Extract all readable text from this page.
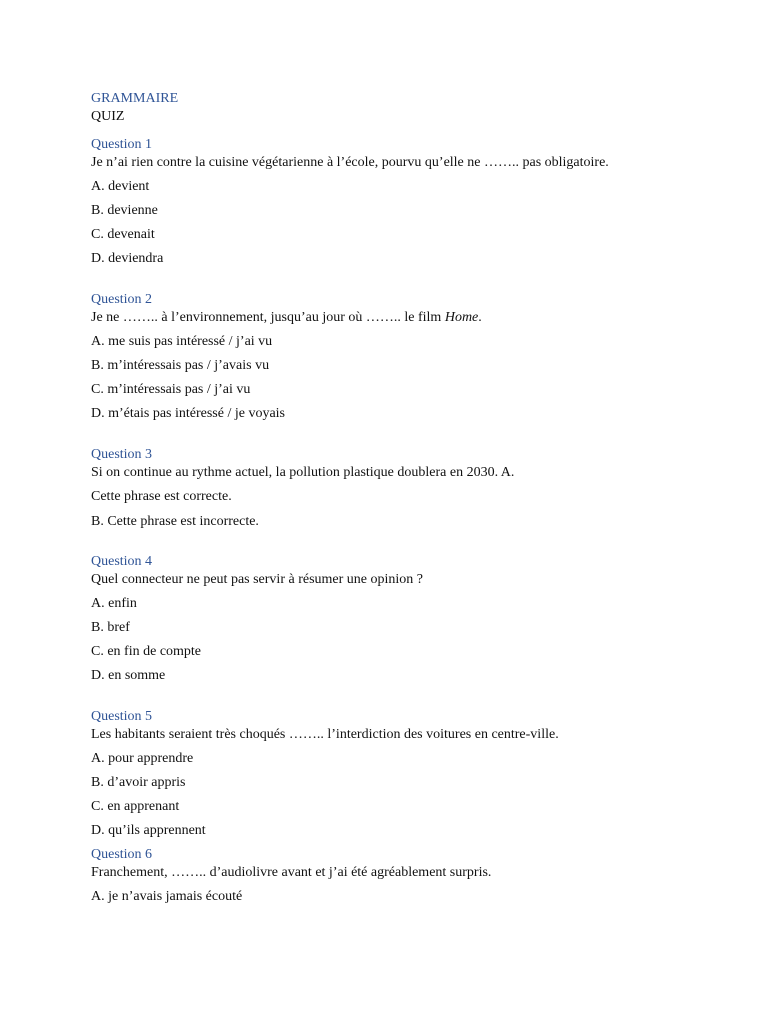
GRAMMAIRE
QUIZ
Question 1
Je n’ai rien contre la cuisine végétarienne à l’école, pourvu qu’elle ne …….. pas obligatoire.
A. devient
B. devienne
C. devenait
D. deviendra
Question 2
Je ne …….. à l’environnement, jusqu’au jour où …….. le film Home.
A. me suis pas intéressé / j’ai vu
B. m’intéressais pas / j’avais vu
C. m’intéressais pas / j’ai vu
D. m’étais pas intéressé / je voyais
Question 3
Si on continue au rythme actuel, la pollution plastique doublera en 2030. A.
Cette phrase est correcte.
B. Cette phrase est incorrecte.
Question 4
Quel connecteur ne peut pas servir à résumer une opinion ?
A. enfin
B. bref
C. en fin de compte
D. en somme
Question 5
Les habitants seraient très choqués …….. l’interdiction des voitures en centre-ville.
A. pour apprendre
B. d’avoir appris
C. en apprenant
D. qu’ils apprennent
Question 6
Franchement, …….. d’audiolivre avant et j’ai été agréablement surpris.
A. je n’avais jamais écouté
